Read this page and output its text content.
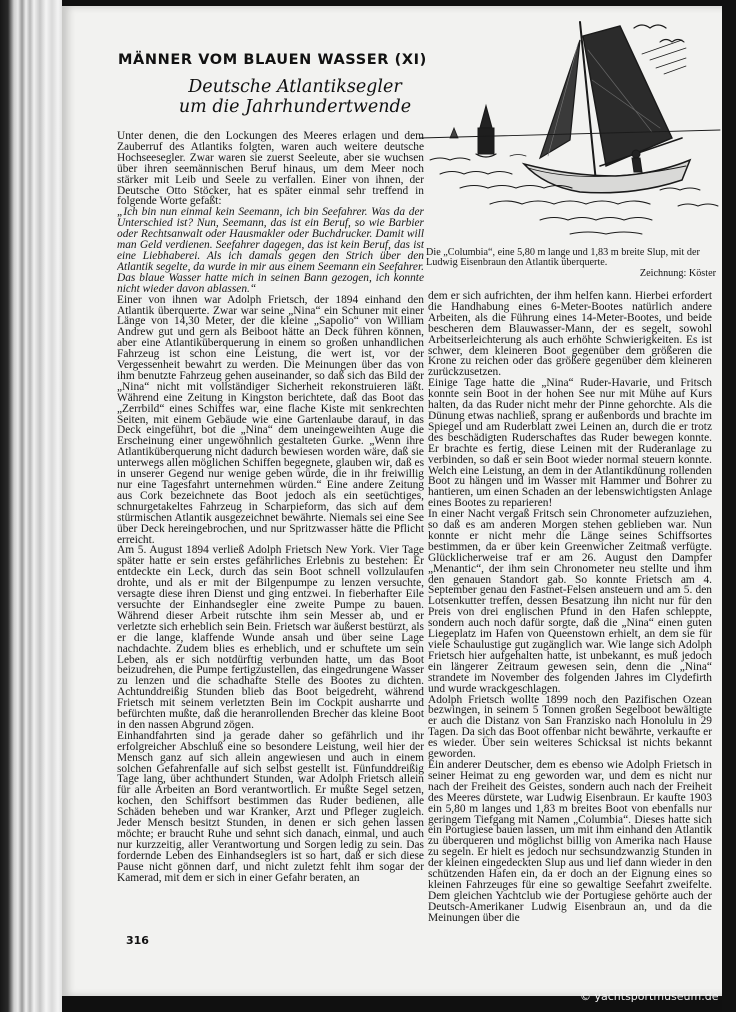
MÄNNER VOM BLAUEN WASSER (XI)
Deutsche Atlantiksegler
um die Jahrhundertwende
Die „Columbia“, eine 5,80 m lange und 1,83 m breite Slup, mit der Ludwig Eisenbraun den Atlantik überquerte.
Zeichnung: Köster

Unter denen, die den Lockungen des Meeres erlagen und dem Zauberruf des Atlantiks folgten, waren auch weitere deutsche Hochseesegler. Zwar waren sie zuerst Seeleute, aber sie wuchsen über ihren seemännischen Beruf hinaus, um dem Meer noch stärker mit Leib und Seele zu verfallen. Einer von ihnen, der Deutsche Otto Stöcker, hat es später einmal sehr treffend in folgende Worte gefaßt:

„Ich bin nun einmal kein Seemann, ich bin Seefahrer. Was da der Unterschied ist? Nun, Seemann, das ist ein Beruf, so wie Barbier oder Rechtsanwalt oder Hausmakler oder Buchdrucker. Damit will man Geld verdienen. Seefahrer dagegen, das ist kein Beruf, das ist eine Liebhaberei. Als ich damals gegen den Strich über den Atlantik segelte, da wurde in mir aus einem Seemann ein Seefahrer. Das blaue Wasser hatte mich in seinen Bann gezogen, ich konnte nicht wieder davon ablassen.“

Einer von ihnen war Adolph Frietsch, der 1894 einhand den Atlantik überquerte. Zwar war seine „Nina“ ein Schuner mit einer Länge von 14,30 Meter, der die kleine „Sapolio“ von William Andrew gut und gern als Beiboot hätte an Deck führen können, aber eine Atlantiküberquerung in einem so großen unhandlichen Fahrzeug ist schon eine Leistung, die wert ist, vor der Vergessenheit bewahrt zu werden. Die Meinungen über das von ihm benutzte Fahrzeug gehen auseinander, so daß sich das Bild der „Nina“ nicht mit vollständiger Sicherheit rekonstruieren läßt. Während eine Zeitung in Kingston berichtete, daß das Boot das „Zerrbild“ eines Schiffes war, eine flache Kiste mit senkrechten Seiten, mit einem Gebäude wie eine Gartenlaube darauf, in das Deck eingeführt, bot die „Nina“ dem uneingeweihten Auge die Erscheinung einer ungewöhnlich gestalteten Gurke. „Wenn ihre Atlantiküberquerung nicht dadurch bewiesen worden wäre, daß sie unterwegs allen möglichen Schiffen begegnete, glauben wir, daß es in unserer Gegend nur wenige geben würde, die in ihr freiwillig nur eine Tagesfahrt unternehmen würden.“ Eine andere Zeitung aus Cork bezeichnete das Boot jedoch als ein seetüchtiges, schnurgetakeltes Fahrzeug in Scharpieform, das sich auf dem stürmischen Atlantik ausgezeichnet bewährte. Niemals sei eine See über Deck hereingebrochen, und nur Spritzwasser hätte die Pflicht erreicht.

Am 5. August 1894 verließ Adolph Frietsch New York. Vier Tage später hatte er sein erstes gefährliches Erlebnis zu bestehen: Er entdeckte ein Leck, durch das sein Boot schnell vollzulaufen drohte, und als er mit der Bilgenpumpe zu lenzen versuchte, versagte diese ihren Dienst und ging entzwei. In fieberhafter Eile versuchte der Einhandsegler eine zweite Pumpe zu bauen. Während dieser Arbeit rutschte ihm sein Messer ab, und er verletzte sich erheblich sein Bein. Frietsch war äußerst bestürzt, als er die lange, klaffende Wunde ansah und über seine Lage nachdachte. Zudem blies es erheblich, und er schuftete um sein Leben, als er sich notdürftig verbunden hatte, um das Boot beizudrehen, die Pumpe fertigzustellen, das eingedrungene Wasser zu lenzen und die schadhafte Stelle des Bootes zu dichten. Achtunddreißig Stunden blieb das Boot beigedreht, während Frietsch mit seinem verletzten Bein im Cockpit ausharrte und befürchten mußte, daß die heranrollenden Brecher das kleine Boot in den nassen Abgrund zögen.

Einhandfahrten sind ja gerade daher so gefährlich und ihr erfolgreicher Abschluß eine so besondere Leistung, weil hier der Mensch ganz auf sich allein angewiesen und auch in einem solchen Gefahrenfalle auf sich selbst gestellt ist. Fünfunddreißig Tage lang, über achthundert Stunden, war Adolph Frietsch allein für alle Arbeiten an Bord verantwortlich. Er mußte Segel setzen, kochen, den Schiffsort bestimmen das Ruder bedienen, alle Schäden beheben und war Kranker, Arzt und Pfleger zugleich. Jeder Mensch besitzt Stunden, in denen er sich gehen lassen möchte; er braucht Ruhe und sehnt sich danach, einmal, und auch nur kurzzeitig, aller Verantwortung und Sorgen ledig zu sein. Das fordernde Leben des Einhandseglers ist so hart, daß er sich diese Pause nicht gönnen darf, und nicht zuletzt fehlt ihm sogar der Kamerad, mit dem er sich in einer Gefahr beraten, an

dem er sich aufrichten, der ihm helfen kann. Hierbei erfordert die Handhabung eines 6-Meter-Bootes natürlich andere Arbeiten, als die Führung eines 14-Meter-Bootes, und beide bescheren dem Blauwasser-Mann, der es segelt, sowohl Arbeitserleichterung als auch erhöhte Schwierigkeiten. Es ist schwer, dem kleineren Boot gegenüber dem größeren die Krone zu reichen oder das größere gegenüber dem kleineren zurückzusetzen.

Einige Tage hatte die „Nina“ Ruder-Havarie, und Fritsch konnte sein Boot in der hohen See nur mit Mühe auf Kurs halten, da das Ruder nicht mehr der Pinne gehorchte. Als die Dünung etwas nachließ, sprang er außenbords und brachte im Spiegel und am Ruderblatt zwei Leinen an, durch die er trotz des beschädigten Ruderschaftes das Ruder bewegen konnte. Er brachte es fertig, diese Leinen mit der Ruderanlage zu verbinden, so daß er sein Boot wieder normal steuern konnte. Welch eine Leistung, an dem in der Atlantikdünung rollenden Boot zu hängen und im Wasser mit Hammer und Bohrer zu hantieren, um einen Schaden an der lebenswichtigsten Anlage eines Bootes zu reparieren!

In einer Nacht vergaß Fritsch sein Chronometer aufzuziehen, so daß es am anderen Morgen stehen geblieben war. Nun konnte er nicht mehr die Länge seines Schiffsortes bestimmen, da er über kein Greenwicher Zeitmaß verfügte. Glücklicherweise traf er am 26. August den Dampfer „Menantic“, der ihm sein Chronometer neu stellte und ihm den genauen Standort gab. So konnte Frietsch am 4. September genau den Fastnet-Felsen ansteuern und am 5. den Lotsenkutter treffen, dessen Besatzung ihn nicht nur für den Preis von drei englischen Pfund in den Hafen schleppte, sondern auch noch dafür sorgte, daß die „Nina“ einen guten Liegeplatz im Hafen von Queenstown erhielt, an dem sie für viele Schaulustige gut zugänglich war. Wie lange sich Adolph Frietsch hier aufgehalten hatte, ist unbekannt, es muß jedoch ein längerer Zeitraum gewesen sein, denn die „Nina“ strandete im November des folgenden Jahres im Clydefirth und wurde wrackgeschlagen.

Adolph Frietsch wollte 1899 noch den Pazifischen Ozean bezwingen, in seinem 5 Tonnen großen Segelboot bewältigte er auch die Distanz von San Franzisko nach Honolulu in 29 Tagen. Da sich das Boot offenbar nicht bewährte, verkaufte er es wieder. Über sein weiteres Schicksal ist nichts bekannt geworden.

Ein anderer Deutscher, dem es ebenso wie Adolph Frietsch in seiner Heimat zu eng geworden war, und dem es nicht nur nach der Freiheit des Geistes, sondern auch nach der Freiheit des Meeres dürstete, war Ludwig Eisenbraun. Er kaufte 1903 ein 5,80 m langes und 1,83 m breites Boot von ebenfalls nur geringem Tiefgang mit Namen „Columbia“. Dieses hatte sich ein Portugiese bauen lassen, um mit ihm einhand den Atlantik zu überqueren und möglichst billig von Amerika nach Hause zu segeln. Er hielt es jedoch nur sechsundzwanzig Stunden in der kleinen eingedeckten Slup aus und lief dann wieder in den schützenden Hafen ein, da er doch an der Eignung eines so kleinen Fahrzeuges für eine so gewaltige Seefahrt zweifelte. Dem gleichen Yachtclub wie der Portugiese gehörte auch der Deutsch-Amerikaner Ludwig Eisenbraun an, und da die Meinungen über die

316
© yachtsportmuseum.de
